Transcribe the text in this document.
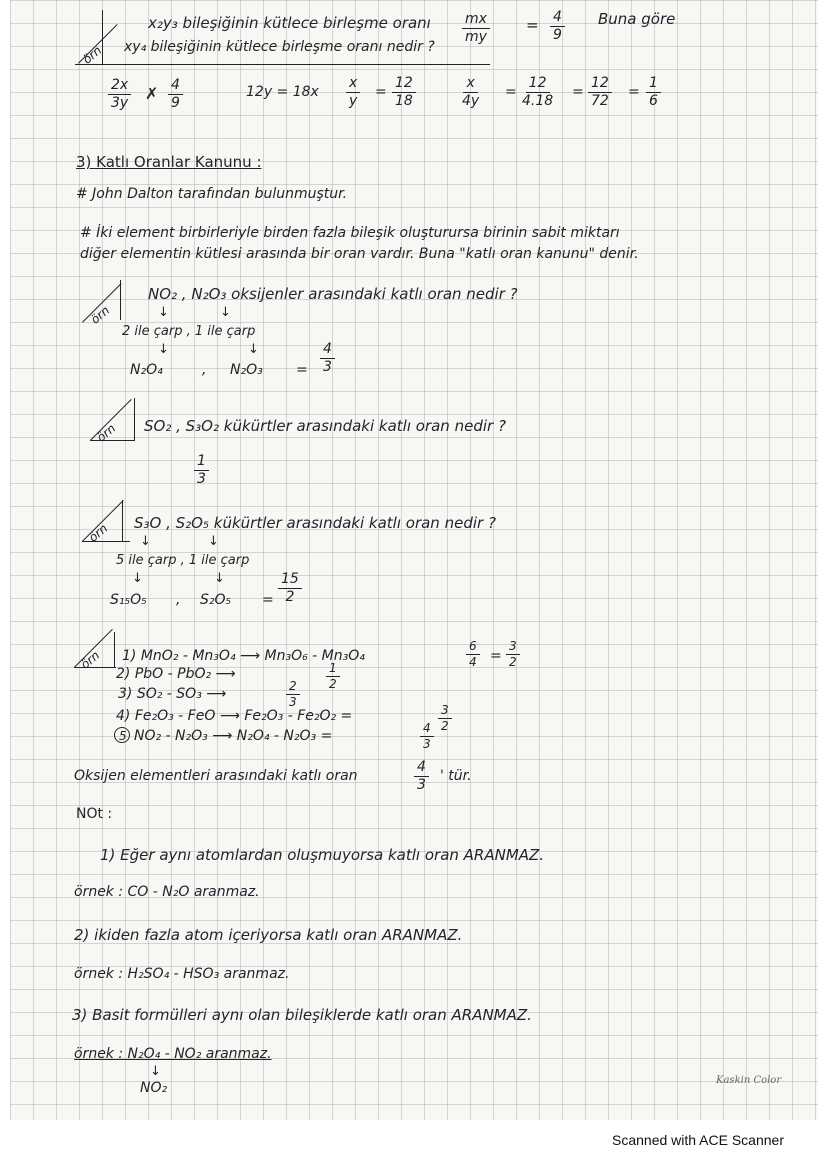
örn
x₂y₃ bileşiğinin kütlece birleşme oranı $\frac{mx}{my} = \frac{4}{9}$ Buna göre
xy₄ bileşiğinin kütlece birleşme oranı nedir ?
$\frac{2x}{3y}$ ✗ $\frac{4}{9}$	$12y = 18x \frac{x}{y} = \frac{12}{18}$	$\frac{x}{4y} = \frac{12}{4.18} = \frac{12}{72} = \frac{1}{6}$
3) Katlı Oranlar Kanunu :
# John Dalton tarafından bulunmuştur.
# İki element birbirleriyle birden fazla bileşik oluşturursa birinin sabit miktarı
diğer elementin kütlesi arasında bir oran vardır. Buna "katlı oran kanunu" denir.
örn
NO₂ , N₂O₃ oksijenler arasındaki katlı oran nedir ?
↓	↓
2 ile çarp , 1 ile çarp
↓	↓
N₂O₄	, $N_2O_3 = \frac{4}{3}$
örn SO₂ , S₃O₂ kükürtler arasındaki katlı oran nedir ?
$\frac{1}{3}$
örn S₃O , S₂O₅ kükürtler arasındaki katlı oran nedir ?
↓	↓
5 ile çarp , 1 ile çarp
↓	↓
S₁₅O₅ , $S_2O_5 = \frac{15}{2}$
örn 1) MnO₂ - Mn₃O₄ ⟶ Mn₃O₆ - Mn₃O₄	$\frac{6}{4} = \frac{3}{2}$
2) PbO - PbO₂ ⟶	$\frac{1}{2}$
3) SO₂ - SO₃ ⟶	$\frac{2}{3}$
4) Fe₂O₃ - FeO ⟶ Fe₂O₃ - Fe₂O₂ =	$\frac{3}{2}$
5 NO₂ - N₂O₃ ⟶ N₂O₄ - N₂O₃ =	$\frac{4}{3}$
Oksijen elementleri arasındaki katlı oran	$\frac{4}{3}$ ' tür.
NOt :
1) Eğer aynı atomlardan oluşmuyorsa katlı oran ARANMAZ.
örnek : CO - N₂O aranmaz.
2) ikiden fazla atom içeriyorsa katlı oran ARANMAZ.
örnek : H₂SO₄ - HSO₃ aranmaz.
3) Basit formülleri aynı olan bileşiklerde katlı oran ARANMAZ.
örnek : N₂O₄ - NO₂ aranmaz.
↓
NO₂	Kaskin Color
Scanned with ACE Scanner
